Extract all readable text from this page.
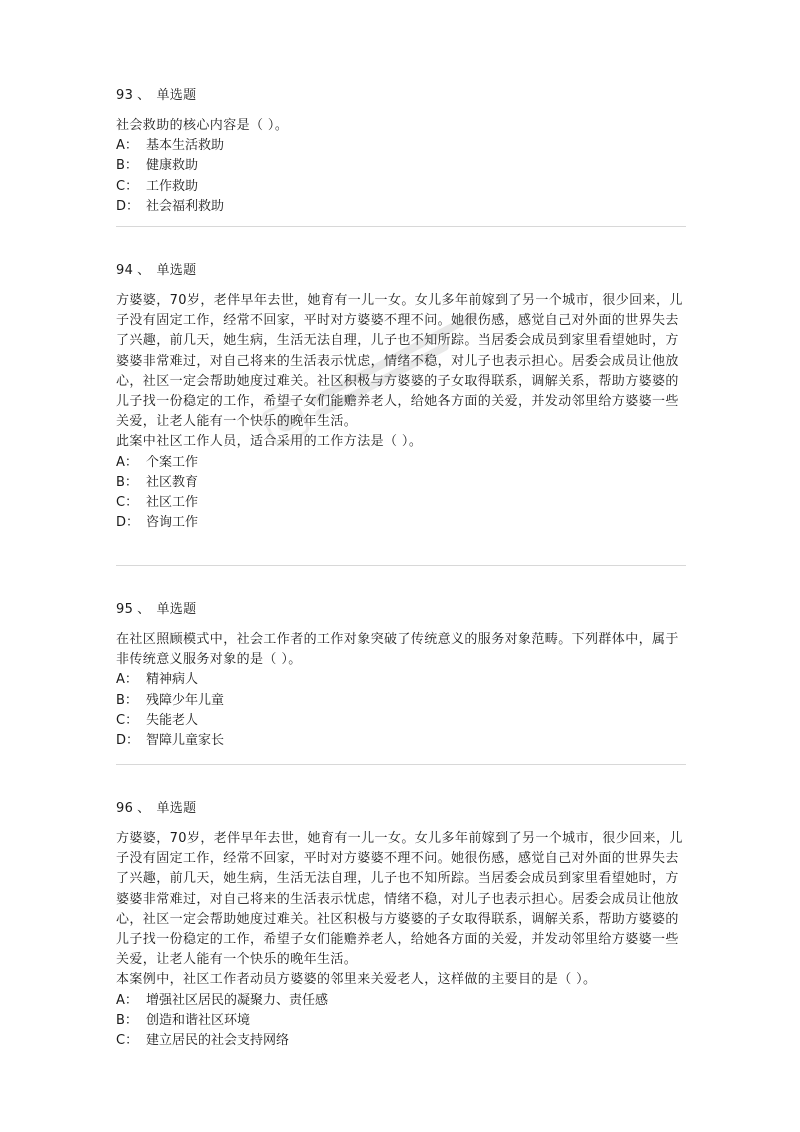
93 、 单选题

社会救助的核心内容是（ ）。

A： 基本生活救助
B： 健康救助
C： 工作救助
D： 社会福利救助
94 、 单选题

方婆婆，70岁，老伴早年去世，她育有一儿一女。女儿多年前嫁到了另一个城市，很少回来，儿子没有固定工作，经常不回家，平时对方婆婆不理不问。她很伤感，感觉自己对外面的世界失去了兴趣，前几天，她生病，生活无法自理，儿子也不知所踪。当居委会成员到家里看望她时，方婆婆非常难过，对自己将来的生活表示忧虑，情绪不稳，对儿子也表示担心。居委会成员让他放心，社区一定会帮助她度过难关。社区积极与方婆婆的子女取得联系，调解关系，帮助方婆婆的儿子找一份稳定的工作，希望子女们能赡养老人，给她各方面的关爱，并发动邻里给方婆婆一些关爱，让老人能有一个快乐的晚年生活。

此案中社区工作人员，适合采用的工作方法是（ ）。

A： 个案工作
B： 社区教育
C： 社区工作
D： 咨询工作
95 、 单选题

在社区照顾模式中，社会工作者的工作对象突破了传统意义的服务对象范畴。下列群体中，属于非传统意义服务对象的是（ ）。

A： 精神病人
B： 残障少年儿童
C： 失能老人
D： 智障儿童家长
96 、 单选题

方婆婆，70岁，老伴早年去世，她育有一儿一女。女儿多年前嫁到了另一个城市，很少回来，儿子没有固定工作，经常不回家，平时对方婆婆不理不问。她很伤感，感觉自己对外面的世界失去了兴趣，前几天，她生病，生活无法自理，儿子也不知所踪。当居委会成员到家里看望她时，方婆婆非常难过，对自己将来的生活表示忧虑，情绪不稳，对儿子也表示担心。居委会成员让他放心，社区一定会帮助她度过难关。社区积极与方婆婆的子女取得联系，调解关系，帮助方婆婆的儿子找一份稳定的工作，希望子女们能赡养老人，给她各方面的关爱，并发动邻里给方婆婆一些关爱，让老人能有一个快乐的晚年生活。

本案例中，社区工作者动员方婆婆的邻里来关爱老人，这样做的主要目的是（ ）。

A： 增强社区居民的凝聚力、责任感
B： 创造和谐社区环境
C： 建立居民的社会支持网络
